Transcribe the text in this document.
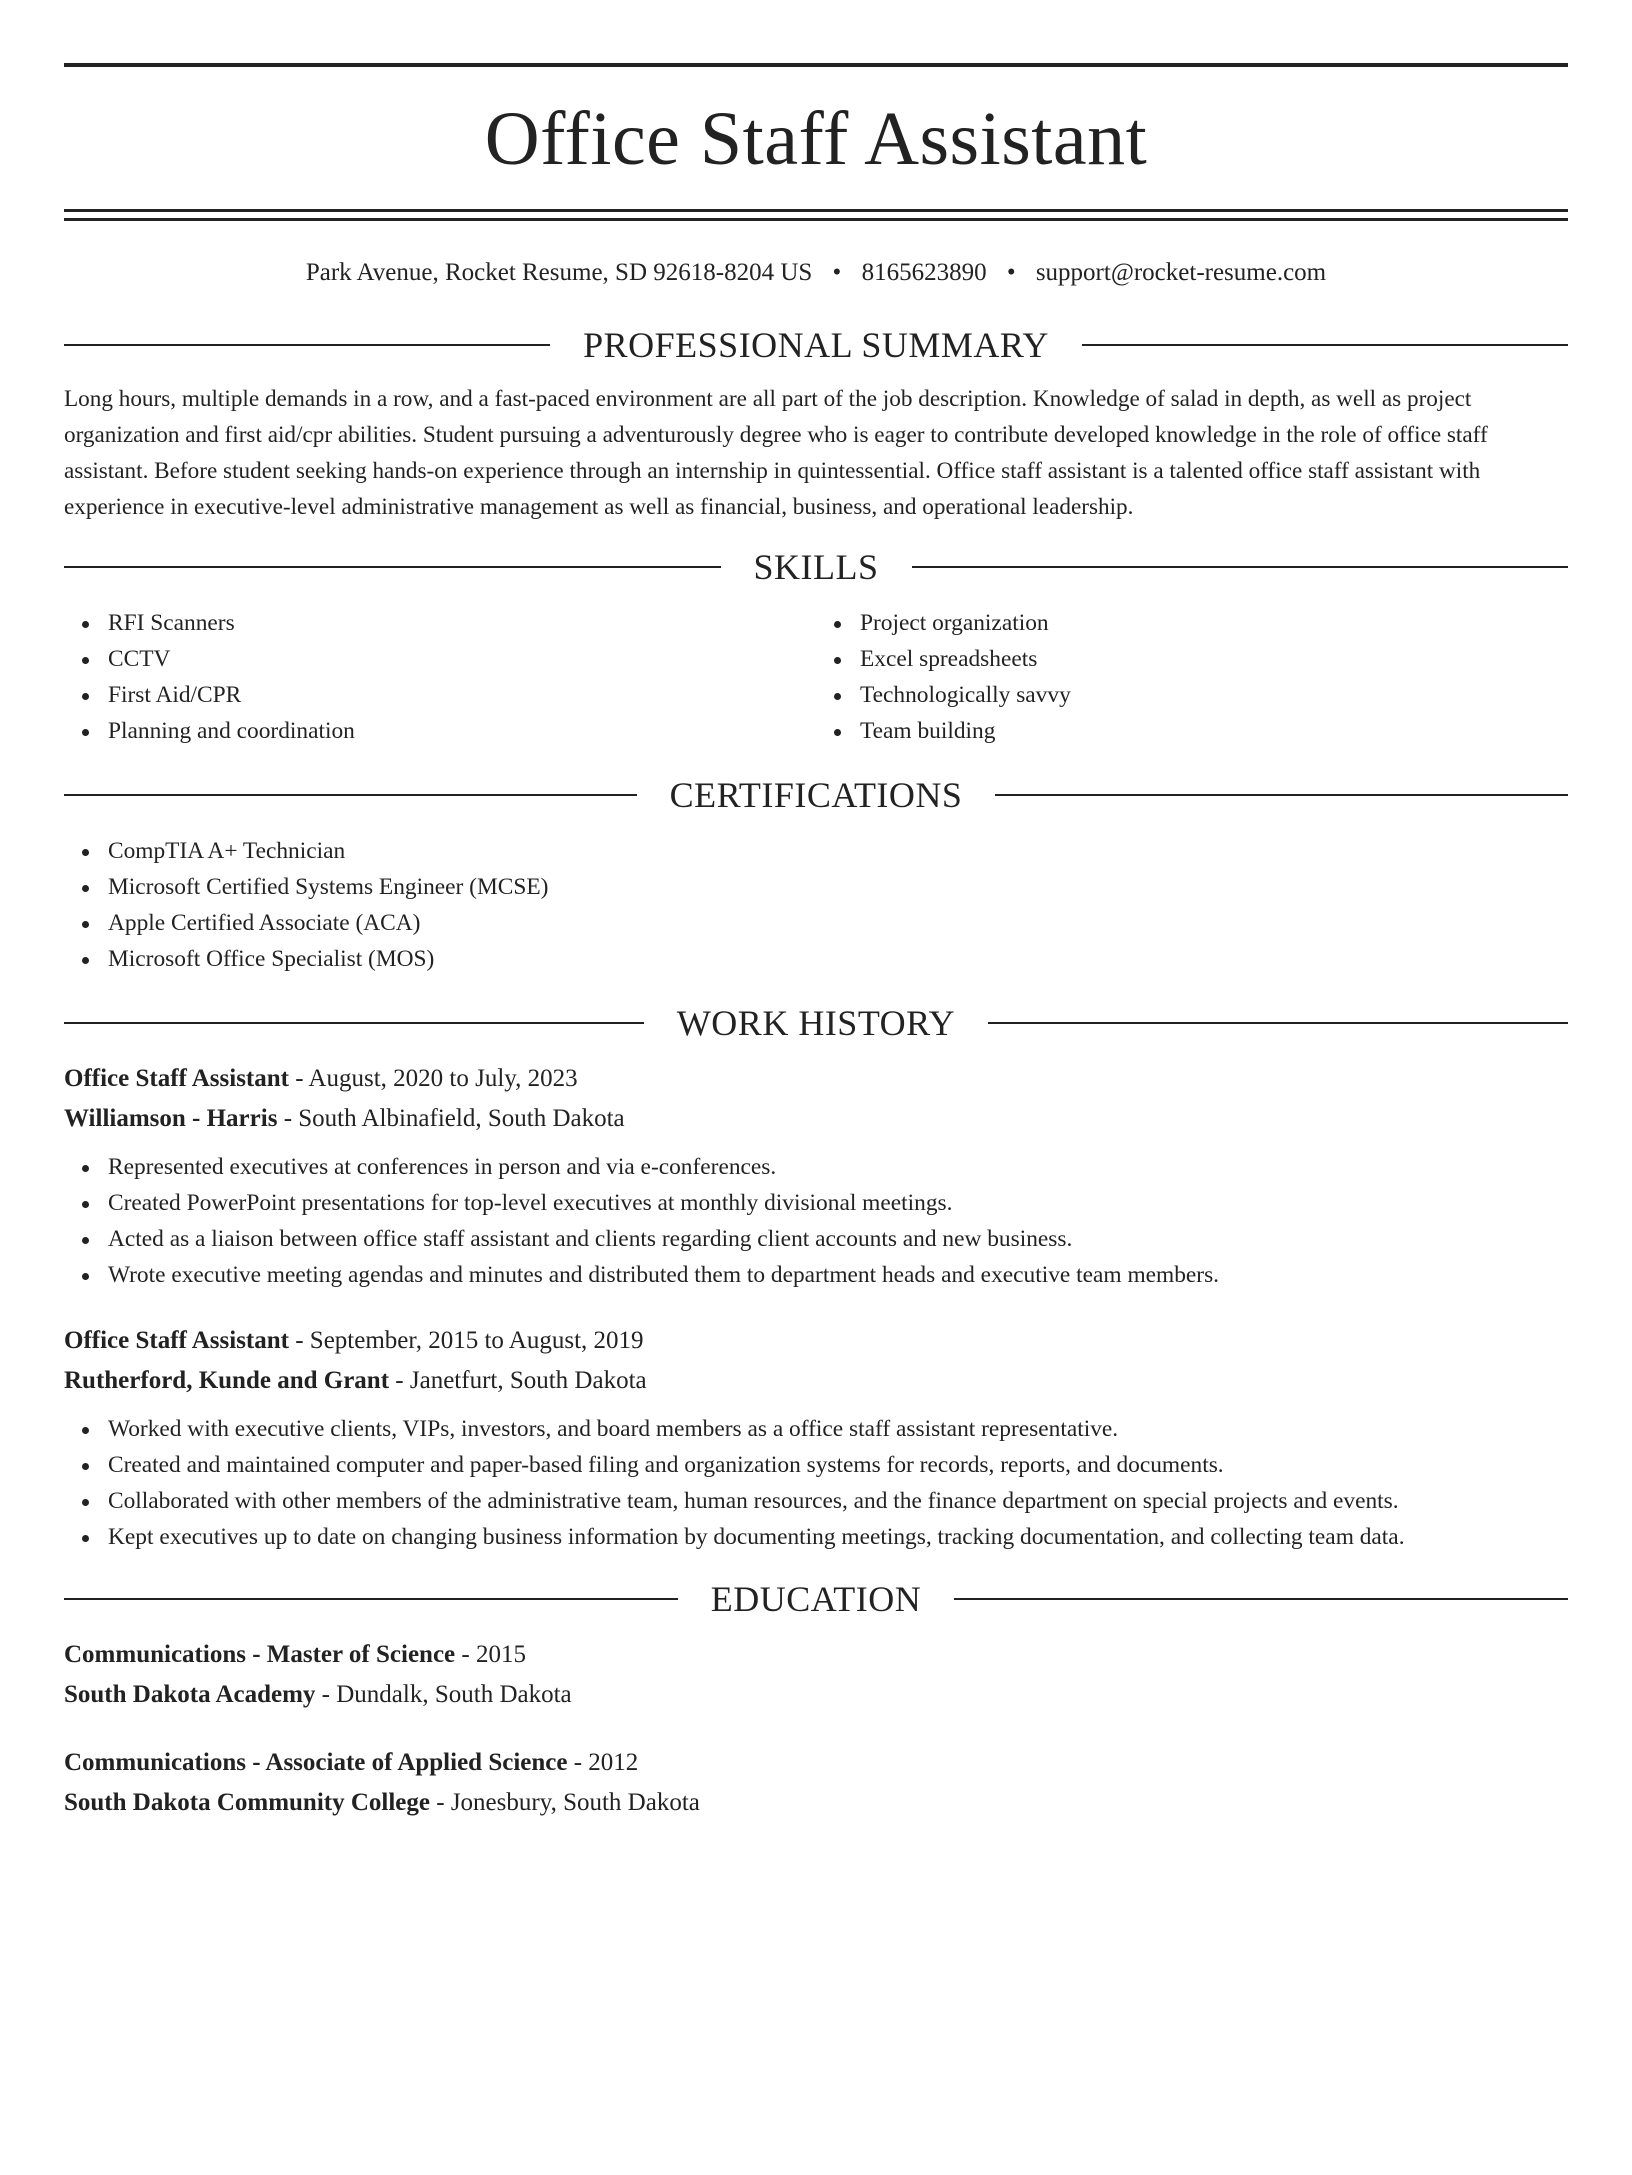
Office Staff Assistant
Park Avenue, Rocket Resume, SD 92618-8204 US • 8165623890 • support@rocket-resume.com
PROFESSIONAL SUMMARY

Long hours, multiple demands in a row, and a fast-paced environment are all part of the job description. Knowledge of salad in depth, as well as project organization and first aid/cpr abilities. Student pursuing a adventurously degree who is eager to contribute developed knowledge in the role of office staff assistant. Before student seeking hands-on experience through an internship in quintessential. Office staff assistant is a talented office staff assistant with experience in executive-level administrative management as well as financial, business, and operational leadership.

SKILLS
RFI Scanners
CCTV
First Aid/CPR
Planning and coordination
Project organization
Excel spreadsheets
Technologically savvy
Team building
CERTIFICATIONS
CompTIA A+ Technician
Microsoft Certified Systems Engineer (MCSE)
Apple Certified Associate (ACA)
Microsoft Office Specialist (MOS)
WORK HISTORY
Office Staff Assistant - August, 2020 to July, 2023
Williamson - Harris - South Albinafield, South Dakota
Represented executives at conferences in person and via e-conferences.
Created PowerPoint presentations for top-level executives at monthly divisional meetings.
Acted as a liaison between office staff assistant and clients regarding client accounts and new business.
Wrote executive meeting agendas and minutes and distributed them to department heads and executive team members.
Office Staff Assistant - September, 2015 to August, 2019
Rutherford, Kunde and Grant - Janetfurt, South Dakota
Worked with executive clients, VIPs, investors, and board members as a office staff assistant representative.
Created and maintained computer and paper-based filing and organization systems for records, reports, and documents.
Collaborated with other members of the administrative team, human resources, and the finance department on special projects and events.
Kept executives up to date on changing business information by documenting meetings, tracking documentation, and collecting team data.
EDUCATION
Communications - Master of Science - 2015
South Dakota Academy - Dundalk, South Dakota
Communications - Associate of Applied Science - 2012
South Dakota Community College - Jonesbury, South Dakota
